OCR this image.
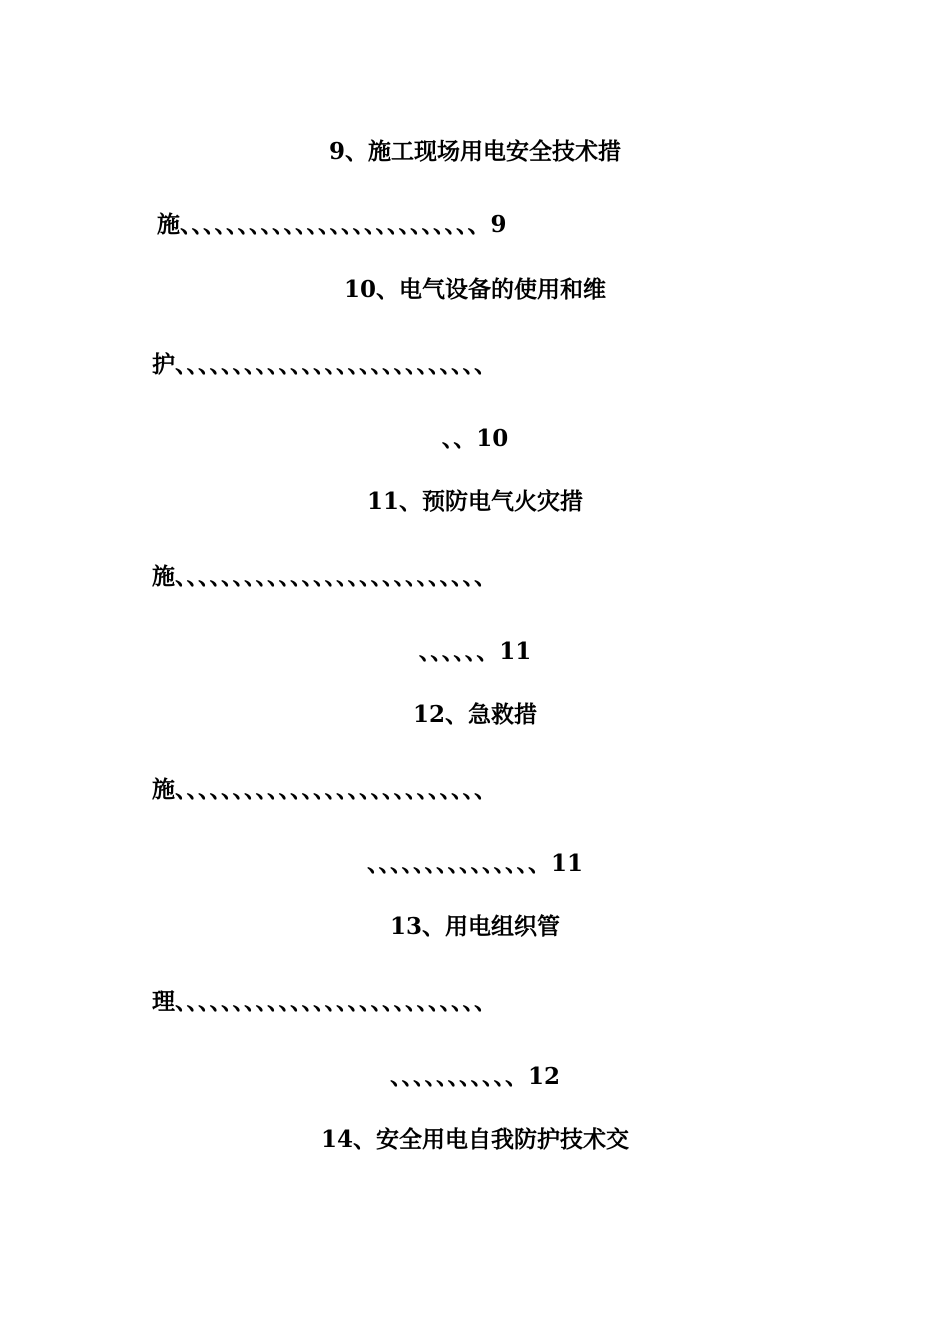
9、施工现场用电安全技术措
施、、、、、、、、、、、、、、、、、、、、、、、、、、9
10、电气设备的使用和维
护、、、、、、、、、、、、、、、、、、、、、、、、、、、
、、10
11、预防电气火灾措
施、、、、、、、、、、、、、、、、、、、、、、、、、、、
、、、、、、11
12、急救措
施、、、、、、、、、、、、、、、、、、、、、、、、、、、
、、、、、、、、、、、、、、、11
13、用电组织管
理、、、、、、、、、、、、、、、、、、、、、、、、、、、
、、、、、、、、、、、12
14、安全用电自我防护技术交
